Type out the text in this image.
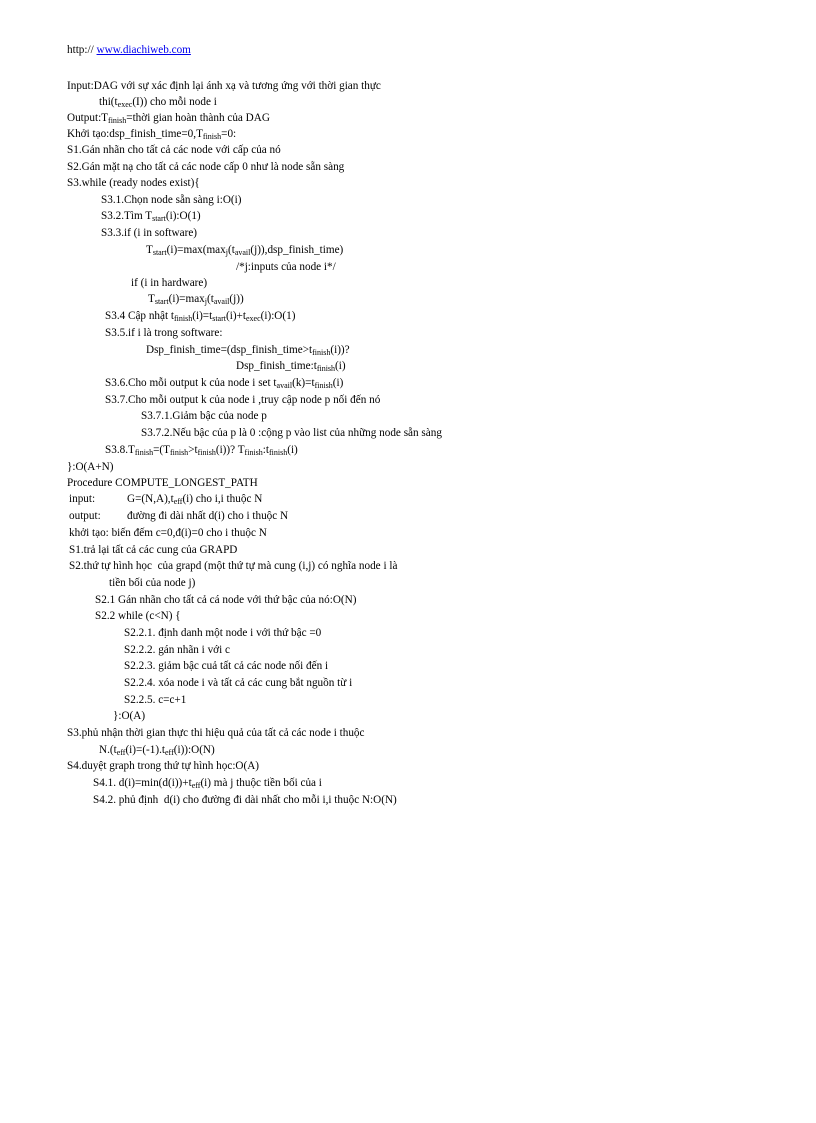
http:// www.diachiweb.com
Input:DAG với sự xác định lại ánh xạ và tương ứng với thời gian thực
$thi(t_{exec}(I))$ cho mỗi node i
$Output:T_{finish}=thời$ gian hoàn thành của DAG
Khởi $tạo:dsp\_finish\_time=0,T_{finish}=0$:
S1.Gán nhãn cho tất cả các node với cấp của nó
S2.Gán mặt nạ cho tất cả các node cấp 0 như là node sẵn sàng
S3.while (ready nodes exist){
S3.1.Chọn node sẵn sàng i:O(i)
S3.2.Tìm $T_{start}(i):O(1)$
S3.3.if (i in software)
$T_{start}(i)=\max(\max_j(t_{avail}(j)),dsp\_finish\_time)$
/*j:inputs của node i*/
if (i in hardware)
$T_{start}(i)=\max_j(t_{avail}(j))$
S3.4 Cập nhật $t_{finish}(i)=t_{start}(i)+t_{exec}(i):O(1)$
S3.5.if i là trong software:
$Dsp\_finish\_time=(dsp\_finish\_time>t_{finish}(i))$?
$Dsp\_finish\_time:t_{finish}(i)$
S3.6.Cho mỗi output k của node i set $t_{avail}(k)=t_{finish}(i)$
S3.7.Cho mỗi output k của node i ,truy cập node p nối đến nó
S3.7.1.Giảm bậc của node p
S3.7.2.Nếu bậc của p là 0 :cộng p vào list của những node sẵn sàng
$S3.8.T_{finish}=(T_{finish}>t_{finish}(i))$? $T_{finish}:t_{finish}(i)$
}:O(A+N)
Procedure COMPUTE_LONGEST_PATH
input:	$G=(N,A),t_{eff}(i)$ cho i,i thuộc N
output: đường đi dài nhất d(i) cho i thuộc N
khởi tạo: biến đếm c=0,đ(i)=0 cho i thuộc N
S1.trả lại tất cả các cung của GRAPD
S2.thứ tự hình học  của grapd (một thứ tự mà cung (i,j) có nghĩa node i là
tiền bối của node j)
S2.1 Gán nhãn cho tất cả cá node với thứ bậc của nó:O(N)
S2.2 while (c<N) {
S2.2.1. định danh một node i với thứ bậc =0
S2.2.2. gán nhãn i với c
S2.2.3. giảm bậc cuả tất cả các node nối đến i
S2.2.4. xóa node i và tất cả các cung bắt nguồn từ i
S2.2.5. c=c+1
}:O(A)
S3.phủ nhận thời gian thực thi hiệu quả của tất cả các node i thuộc
$N.(t_{eff}(i)=(-1).t_{eff}(i)):O(N)$
S4.duyệt graph trong thứ tự hình học:O(A)
S4.1. $d(i)=\min(d(i))+t_{eff}(i)$ mà j thuộc tiền bối của i
S4.2. phủ định  d(i) cho đường đi dài nhất cho mỗi i,i thuộc N:O(N)
